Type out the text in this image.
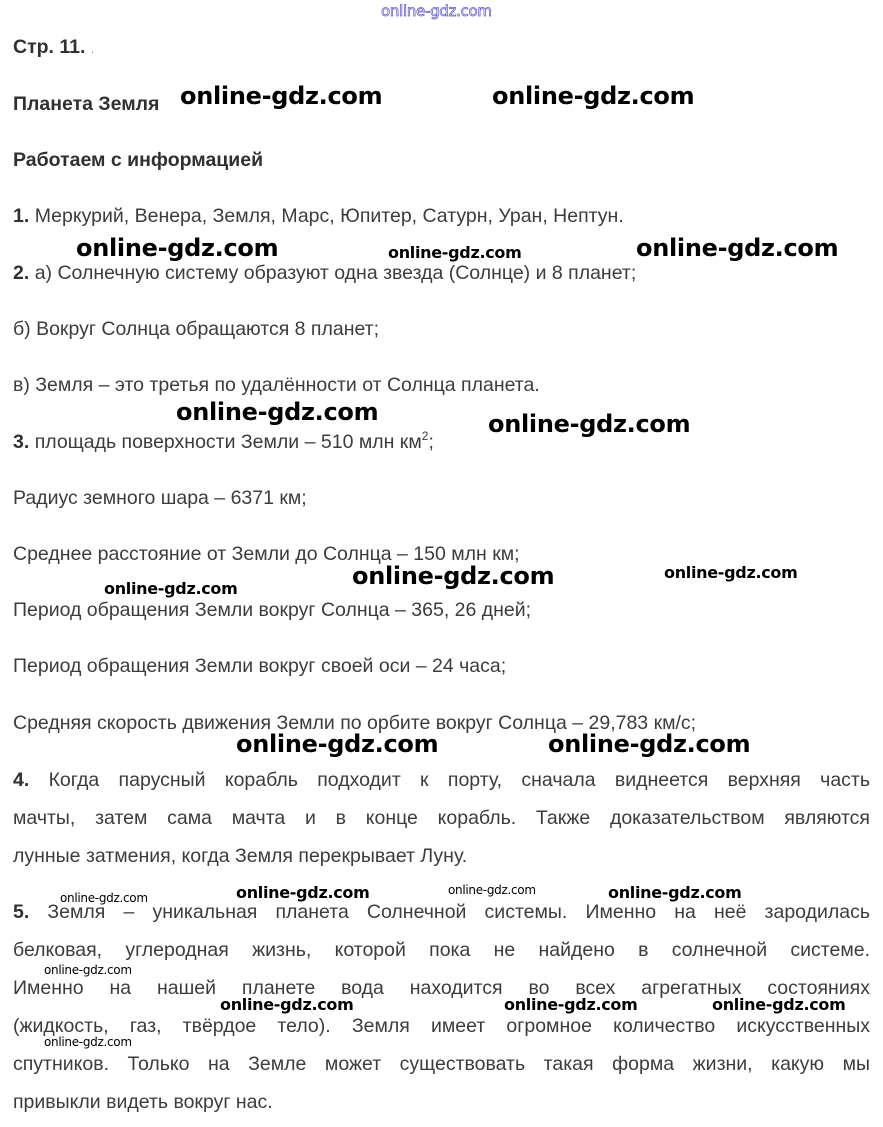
online-gdz.com
Стр. 11. .
Планета Земля
Работаем с информацией
1. Меркурий, Венера, Земля, Марс, Юпитер, Сатурн, Уран, Нептун.
2. а) Солнечную систему образуют одна звезда (Солнце) и 8 планет;
б) Вокруг Солнца обращаются 8 планет;
в) Земля – это третья по удалённости от Солнца планета.
3. площадь поверхности Земли – 510 млн $км^2$;
Радиус земного шара – 6371 км;
Среднее расстояние от Земли до Солнца – 150 млн км;
Период обращения Земли вокруг Солнца – 365, 26 дней;
Период обращения Земли вокруг своей оси – 24 часа;
Средняя скорость движения Земли по орбите вокруг Солнца – 29,783 км/с;
4. Когда парусный корабль подходит к порту, сначала виднеется верхняя часть
мачты, затем сама мачта и в конце корабль. Также доказательством являются
лунные затмения, когда Земля перекрывает Луну.
5. Земля – уникальная планета Солнечной системы. Именно на неё зародилась
белковая, углеродная жизнь, которой пока не найдено в солнечной системе.
Именно на нашей планете вода находится во всех агрегатных состояниях
(жидкость, газ, твёрдое тело). Земля имеет огромное количество искусственных
спутников. Только на Земле может существовать такая форма жизни, какую мы
привыкли видеть вокруг нас.
online-gdz.com	online-gdz.com
online-gdz.com	online-gdz.com	online-gdz.com
online-gdz.com	online-gdz.com
online-gdz.com	online-gdz.com
online-gdz.com
online-gdz.com	online-gdz.com
online-gdz.com	online-gdz.com	online-gdz.com
online-gdz.com
online-gdz.com
online-gdz.com	online-gdz.com	online-gdz.com
online-gdz.com
